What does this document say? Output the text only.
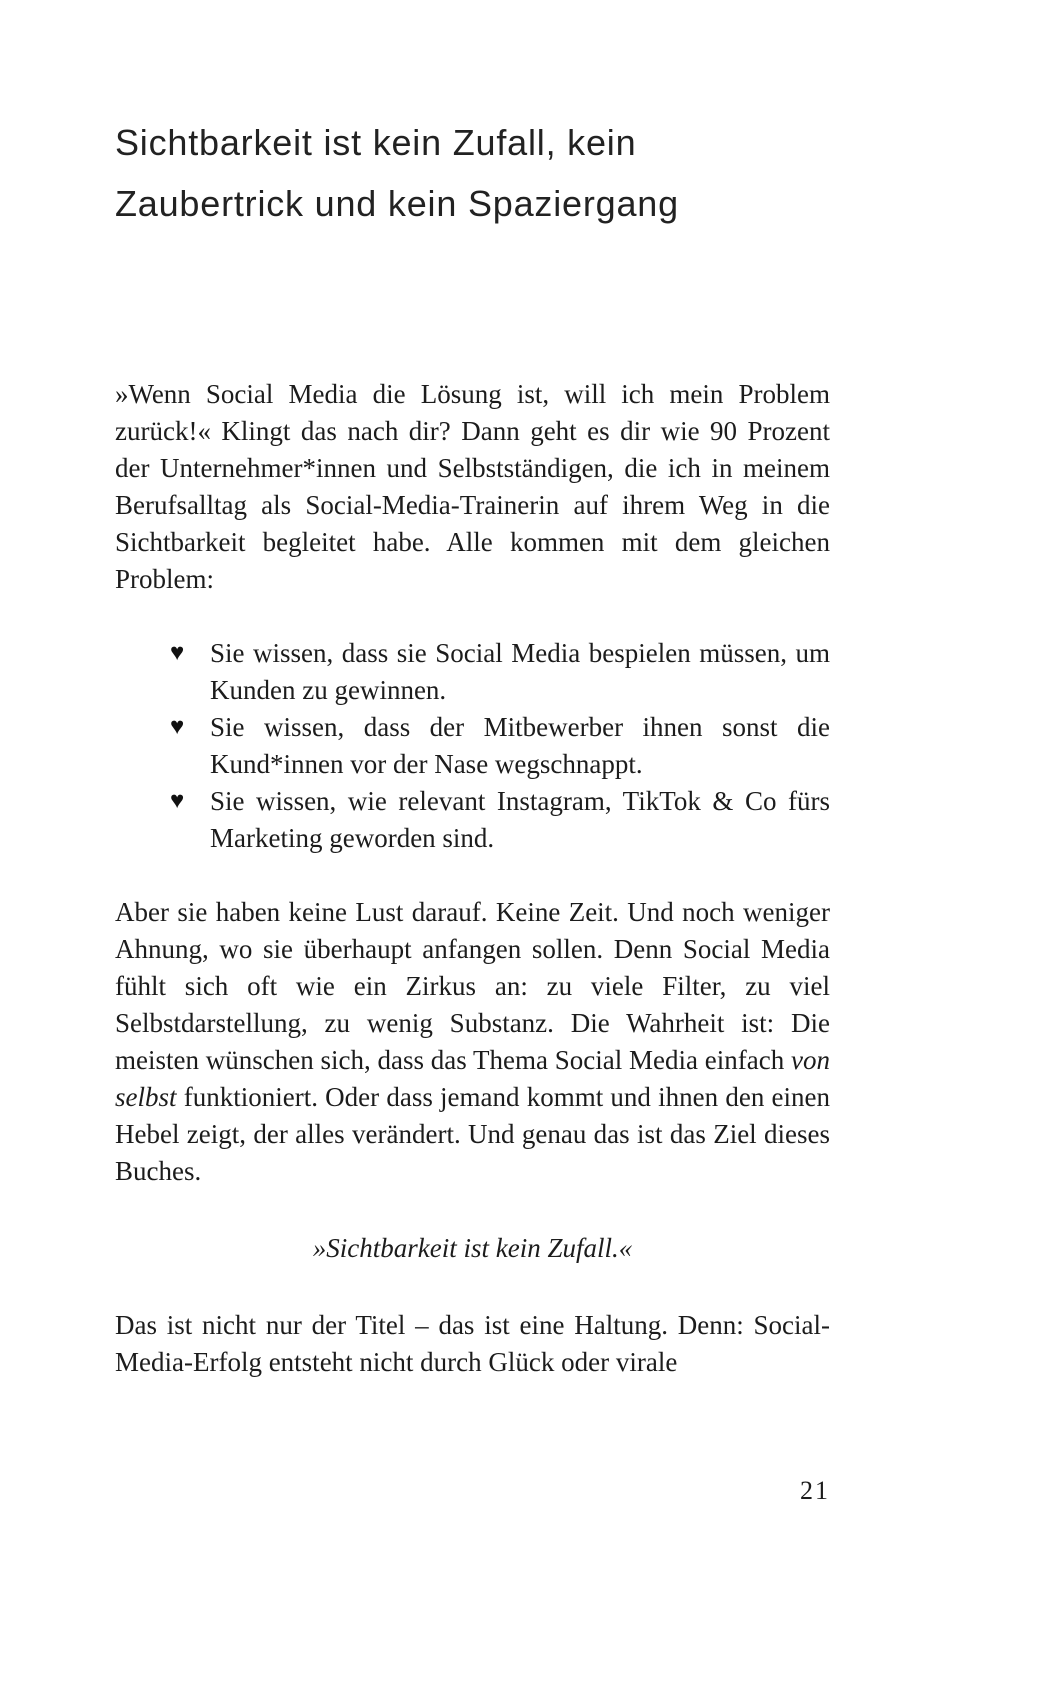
Sichtbarkeit ist kein Zufall, kein
Zaubertrick und kein Spaziergang

»Wenn Social Media die Lösung ist, will ich mein Problem zurück!« Klingt das nach dir? Dann geht es dir wie 90 Prozent der Unternehmer*innen und Selbstständigen, die ich in meinem Berufsalltag als Social-Media-Trainerin auf ihrem Weg in die Sichtbarkeit begleitet habe. Alle kommen mit dem gleichen Problem:

♥ Sie wissen, dass sie Social Media bespielen müssen, um Kunden zu gewinnen.
♥ Sie wissen, dass der Mitbewerber ihnen sonst die Kund*innen vor der Nase wegschnappt.
♥ Sie wissen, wie relevant Instagram, TikTok & Co fürs Marketing geworden sind.

Aber sie haben keine Lust darauf. Keine Zeit. Und noch weniger Ahnung, wo sie überhaupt anfangen sollen. Denn Social Media fühlt sich oft wie ein Zirkus an: zu viele Filter, zu viel Selbstdarstellung, zu wenig Substanz. Die Wahrheit ist: Die meisten wünschen sich, dass das Thema Social Media einfach von selbst funktioniert. Oder dass jemand kommt und ihnen den einen Hebel zeigt, der alles verändert. Und genau das ist das Ziel dieses Buches.

»Sichtbarkeit ist kein Zufall.«

Das ist nicht nur der Titel – das ist eine Haltung. Denn: Social-Media-Erfolg entsteht nicht durch Glück oder virale

21
